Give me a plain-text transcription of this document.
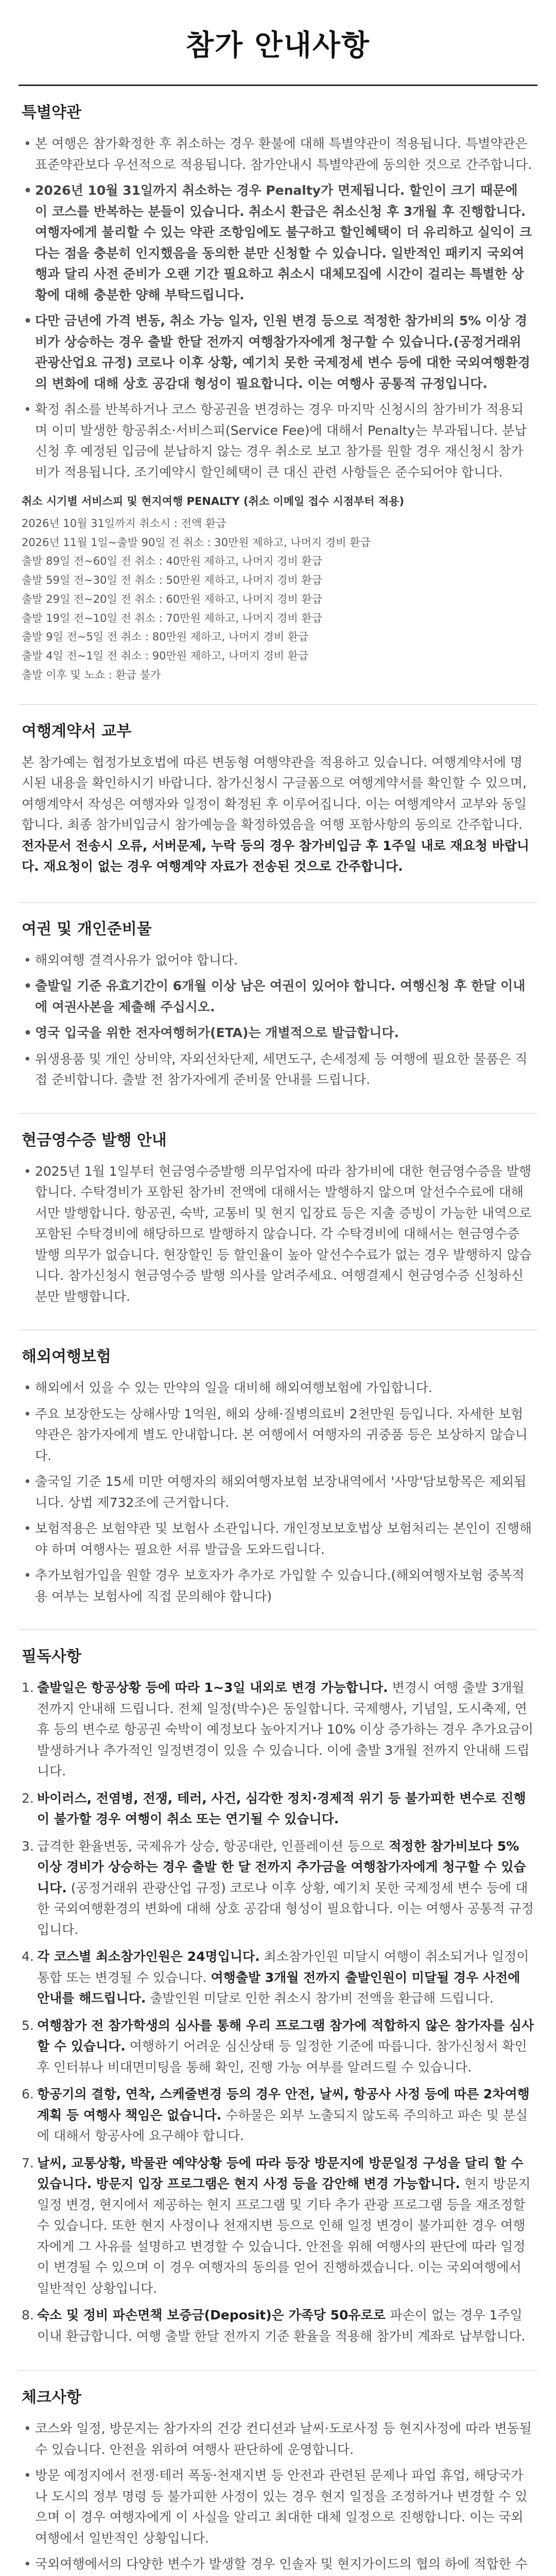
참가 안내사항
특별약관
• 본 여행은 참가확정한 후 취소하는 경우 환불에 대해 특별약관이 적용됩니다. 특별약관은 표준약관보다 우선적으로 적용됩니다. 참가안내시 특별약관에 동의한 것으로 간주합니다.
• 2026년 10월 31일까지 취소하는 경우 Penalty가 면제됩니다. 할인이 크기 때문에 이 코스를 반복하는 분들이 있습니다. 취소시 환급은 취소신청 후 3개월 후 진행합니다. 여행자에게 불리할 수 있는 약관 조항임에도 불구하고 할인혜택이 더 유리하고 실익이 크다는 점을 충분히 인지했음을 동의한 분만 신청할 수 있습니다. 일반적인 패키지 국외여행과 달리 사전 준비가 오랜 기간 필요하고 취소시 대체모집에 시간이 걸리는 특별한 상황에 대해 충분한 양해 부탁드립니다.
• 다만 금년에 가격 변동, 취소 가능 일자, 인원 변경 등으로 적정한 참가비의 5% 이상 경비가 상승하는 경우 출발 한달 전까지 여행참가자에게 청구할 수 있습니다.(공정거래위 관광산업요 규정) 코로나 이후 상황, 예기치 못한 국제정세 변수 등에 대한 국외여행환경의 변화에 대해 상호 공감대 형성이 필요합니다. 이는 여행사 공통적 규정입니다.
• 확정 취소를 반복하거나 코스 항공권을 변경하는 경우 마지막 신청시의 참가비가 적용되며 이미 발생한 항공취소·서비스피(Service Fee)에 대해서 Penalty는 부과됩니다. 분납신청 후 예정된 입금에 분납하지 않는 경우 취소로 보고 참가를 원할 경우 재신청시 참가비가 적용됩니다. 조기예약시 할인혜택이 큰 대신 관련 사항들은 준수되어야 합니다.
취소 시기별 서비스피 및 현지여행 PENALTY (취소 이메일 접수 시점부터 적용)
2026년 10월 31일까지 취소시 : 전액 환급
2026년 11월 1일~출발 90일 전 취소 : 30만원 제하고, 나머지 경비 환급
출발 89일 전~60일 전 취소 : 40만원 제하고, 나머지 경비 환급
출발 59일 전~30일 전 취소 : 50만원 제하고, 나머지 경비 환급
출발 29일 전~20일 전 취소 : 60만원 제하고, 나머지 경비 환급
출발 19일 전~10일 전 취소 : 70만원 제하고, 나머지 경비 환급
출발 9일 전~5일 전 취소 : 80만원 제하고, 나머지 경비 환급
출발 4일 전~1일 전 취소 : 90만원 제하고, 나머지 경비 환급
출발 이후 및 노쇼 : 환급 불가
여행계약서 교부

본 참가예는 협정가보호법에 따른 변동형 여행약관을 적용하고 있습니다. 여행계약서에 명시된 내용을 확인하시기 바랍니다. 참가신청시 구글폼으로 여행계약서를 확인할 수 있으며, 여행계약서 작성은 여행자와 일정이 확정된 후 이루어집니다. 이는 여행계약서 교부와 동일합니다. 최종 참가비입금시 참가예능을 확정하였음을 여행 포함사항의 동의로 간주합니다. 전자문서 전송시 오류, 서버문제, 누락 등의 경우 참가비입금 후 1주일 내로 재요청 바랍니다. 재요청이 없는 경우 여행계약 자료가 전송된 것으로 간주합니다.

여권 및 개인준비물
• 해외여행 결격사유가 없어야 합니다.
• 출발일 기준 유효기간이 6개월 이상 남은 여권이 있어야 합니다. 여행신청 후 한달 이내에 여권사본을 제출해 주십시오.
• 영국 입국을 위한 전자여행허가(ETA)는 개별적으로 발급합니다.
• 위생용품 및 개인 상비약, 자외선차단제, 세면도구, 손세정제 등 여행에 필요한 물품은 직접 준비합니다. 출발 전 참가자에게 준비물 안내를 드립니다.
현금영수증 발행 안내
• 2025년 1월 1일부터 현금영수증발행 의무업자에 따라 참가비에 대한 현금영수증을 발행합니다. 수탁경비가 포함된 참가비 전액에 대해서는 발행하지 않으며 알선수수료에 대해서만 발행합니다. 항공권, 숙박, 교통비 및 현지 입장료 등은 지출 증빙이 가능한 내역으로 포함된 수탁경비에 해당하므로 발행하지 않습니다. 각 수탁경비에 대해서는 현금영수증 발행 의무가 없습니다. 현장할인 등 할인율이 높아 알선수수료가 없는 경우 발행하지 않습니다. 참가신청시 현금영수증 발행 의사를 알려주세요. 여행결제시 현금영수증 신청하신 분만 발행합니다.
해외여행보험
• 해외에서 있을 수 있는 만약의 일을 대비해 해외여행보험에 가입합니다.
• 주요 보장한도는 상해사망 1억원, 해외 상해·질병의료비 2천만원 등입니다. 자세한 보험약관은 참가자에게 별도 안내합니다. 본 여행에서 여행자의 귀중품 등은 보상하지 않습니다.
• 출국일 기준 15세 미만 여행자의 해외여행자보험 보장내역에서 '사망'담보항목은 제외됩니다. 상법 제732조에 근거합니다.
• 보험적용은 보험약관 및 보험사 소관입니다. 개인정보보호법상 보험처리는 본인이 진행해야 하며 여행사는 필요한 서류 발급을 도와드립니다.
• 추가보험가입을 원할 경우 보호자가 추가로 가입할 수 있습니다.(해외여행자보험 중복적용 여부는 보험사에 직접 문의해야 합니다)
필독사항
1. 출발일은 항공상황 등에 따라 1~3일 내외로 변경 가능합니다. 변경시 여행 출발 3개월 전까지 안내해 드립니다. 전체 일정(박수)은 동일합니다. 국제행사, 기념일, 도시축제, 연휴 등의 변수로 항공권 숙박이 예정보다 높아지거나 10% 이상 증가하는 경우 추가요금이 발생하거나 추가적인 일정변경이 있을 수 있습니다. 이에 출발 3개월 전까지 안내해 드립니다.
2. 바이러스, 전염병, 전쟁, 테러, 사건, 심각한 정치·경제적 위기 등 불가피한 변수로 진행이 불가할 경우 여행이 취소 또는 연기될 수 있습니다.
3. 급격한 환율변동, 국제유가 상승, 항공대란, 인플레이션 등으로 적정한 참가비보다 5% 이상 경비가 상승하는 경우 출발 한 달 전까지 추가금을 여행참가자에게 청구할 수 있습니다. (공정거래위 관광산업 규정) 코로나 이후 상황, 예기치 못한 국제정세 변수 등에 대한 국외여행환경의 변화에 대해 상호 공감대 형성이 필요합니다. 이는 여행사 공통적 규정입니다.
4. 각 코스별 최소참가인원은 24명입니다. 최소참가인원 미달시 여행이 취소되거나 일정이 통합 또는 변경될 수 있습니다. 여행출발 3개월 전까지 출발인원이 미달될 경우 사전에 안내를 해드립니다. 출발인원 미달로 인한 취소시 참가비 전액을 환급해 드립니다.
5. 여행참가 전 참가학생의 심사를 통해 우리 프로그램 참가에 적합하지 않은 참가자를 심사할 수 있습니다. 여행하기 어려운 심신상태 등 일정한 기준에 따릅니다. 참가신청서 확인 후 인터뷰나 비대면미팅을 통해 확인, 진행 가능 여부를 알려드릴 수 있습니다.
6. 항공기의 결항, 연착, 스케줄변경 등의 경우 안전, 날씨, 항공사 사정 등에 따른 2차여행 계획 등 여행사 책임은 없습니다. 수하물은 외부 노출되지 않도록 주의하고 파손 및 분실에 대해서 항공사에 요구해야 합니다.
7. 날씨, 교통상황, 박물관 예약상황 등에 따라 등장 방문지에 방문일정 구성을 달리 할 수 있습니다. 방문지 입장 프로그램은 현지 사정 등을 감안해 변경 가능합니다. 현지 방문지 일정 변경, 현지에서 제공하는 현지 프로그램 및 기타 추가 관광 프로그램 등을 재조정할 수 있습니다. 또한 현지 사정이나 천재지변 등으로 인해 일정 변경이 불가피한 경우 여행자에게 그 사유를 설명하고 변경할 수 있습니다. 안전을 위해 여행사의 판단에 따라 일정이 변경될 수 있으며 이 경우 여행자의 동의를 얻어 진행하겠습니다. 이는 국외여행에서 일반적인 상황입니다.
8. 숙소 및 정비 파손면책 보증금(Deposit)은 가족당 50유로로 파손이 없는 경우 1주일 이내 환급합니다. 여행 출발 한달 전까지 기준 환율을 적용해 참가비 계좌로 납부합니다.
체크사항
• 코스와 일정, 방문지는 참가자의 건강 컨디션과 날씨·도로사정 등 현지사정에 따라 변동될 수 있습니다. 안전을 위하여 여행사 판단하에 운영합니다.
• 방문 예정지에서 전쟁·테러 폭동·천재지변 등 안전과 관련된 문제나 파업 휴업, 해당국가나 도시의 정부 명령 등 불가피한 사정이 있는 경우 현지 일정을 조정하거나 변경할 수 있으며 이 경우 여행자에게 이 사실을 알리고 최대한 대체 일정으로 진행합니다. 이는 국외여행에서 일반적인 상황입니다.
• 국외여행에서의 다양한 변수가 발생할 경우 인솔자 및 현지가이드의 협의 하에 적합한 수
